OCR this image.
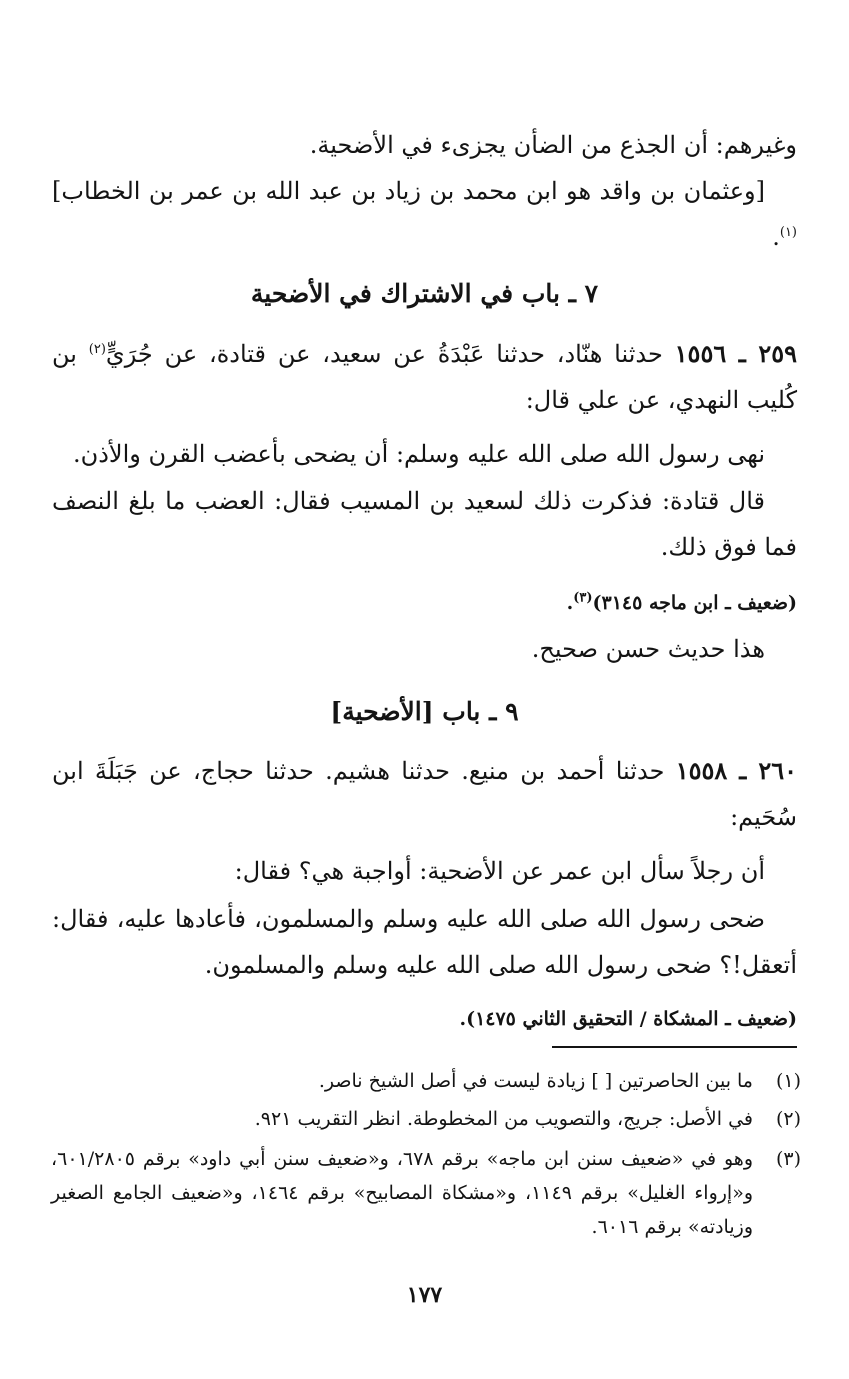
وغيرهم: أن الجذع من الضأن يجزىء في الأضحية.
[وعثمان بن واقد هو ابن محمد بن زياد بن عبد الله بن عمر بن الخطاب]$^{(١)}$.
٧ ـ باب في الاشتراك في الأضحية
٢٥٩ ـ ١٥٥٦ حدثنا هنّاد، حدثنا عَبْدَةُ عن سعيد، عن قتادة، عن جُرَيٍّ$^{(٢)}$ بن كُليب النهدي، عن علي قال:
نهى رسول الله صلى الله عليه وسلم: أن يضحى بأعضب القرن والأذن.
قال قتادة: فذكرت ذلك لسعيد بن المسيب فقال: العضب ما بلغ النصف فما فوق ذلك.
(ضعيف ـ ابن ماجه ٣١٤٥)$^{(٣)}$.
هذا حديث حسن صحيح.
٩ ـ باب [الأضحية]
٢٦٠ ـ ١٥٥٨ حدثنا أحمد بن منيع. حدثنا هشيم. حدثنا حجاج، عن جَبَلَةَ ابن سُحَيم:
أن رجلاً سأل ابن عمر عن الأضحية: أواجبة هي؟ فقال:
ضحى رسول الله صلى الله عليه وسلم والمسلمون، فأعادها عليه، فقال: أتعقل!؟ ضحى رسول الله صلى الله عليه وسلم والمسلمون.
(ضعيف ـ المشكاة / التحقيق الثاني ١٤٧٥).
(١)
ما بين الحاصرتين [ ] زيادة ليست في أصل الشيخ ناصر.
(٢)
في الأصل: جريج، والتصويب من المخطوطة. انظر التقريب ٩٢١.
(٣)
وهو في «ضعيف سنن ابن ماجه» برقم ٦٧٨، و«ضعيف سنن أبي داود» برقم ٦٠١/٢٨٠٥، و«إرواء الغليل» برقم ١١٤٩، و«مشكاة المصابيح» برقم ١٤٦٤، و«ضعيف الجامع الصغير وزيادته» برقم ٦٠١٦.
١٧٧
